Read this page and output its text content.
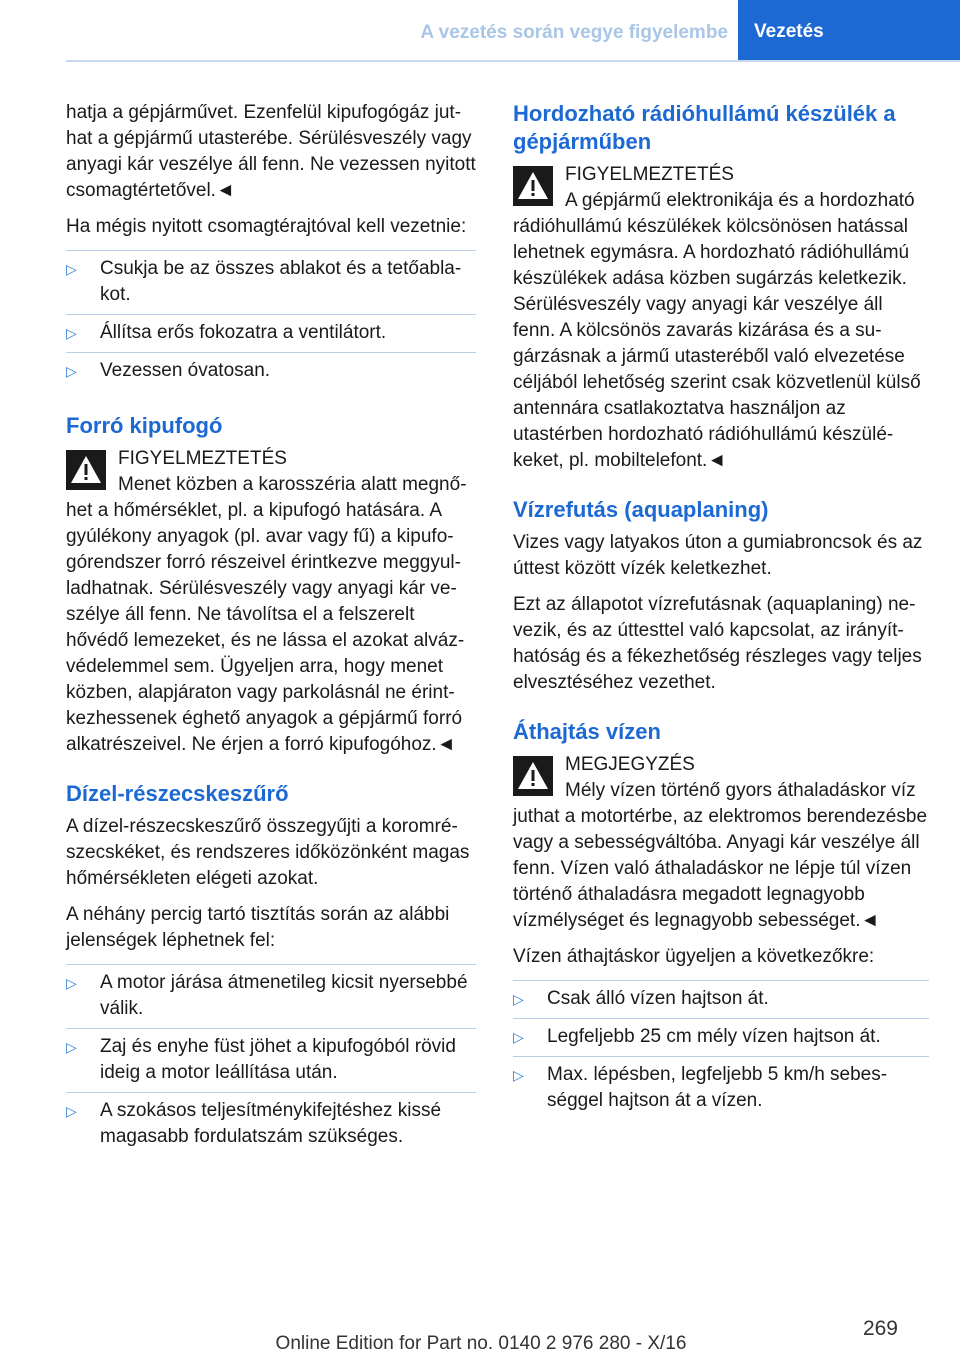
A vezetés során vegye figyelembe	Vezetés

hatja a gépjárművet. Ezenfelül kipufogógáz juthat a gépjármű utasterébe. Sérülésveszély vagy anyagi kár veszélye áll fenn. Ne vezessen nyitott csomagtértetővel.◄

Ha mégis nyitott csomagtérajtóval kell vezetnie:

▷ Csukja be az összes ablakot és a tetőablakot.
▷ Állítsa erős fokozatra a ventilátort.
▷ Vezessen óvatosan.
Forró kipufogó
FIGYELMEZTETÉS
Menet közben a karosszéria alatt megnőhet a hőmérséklet, pl. a kipufogó hatására. A gyúlékony anyagok (pl. avar vagy fű) a kipufogórendszer forró részeivel érintkezve meggyulladhatnak. Sérülésveszély vagy anyagi kár veszélye áll fenn. Ne távolítsa el a felszerelt hővédő lemezeket, és ne lássa el azokat alvázvédelemmel sem. Ügyeljen arra, hogy menet közben, alapjáraton vagy parkolásnál ne érintkezhessenek éghető anyagok a gépjármű forró alkatrészeivel. Ne érjen a forró kipufogóhoz.◄
Dízel-részecskeszűrő

A dízel-részecskeszűrő összegyűjti a koromrészecskéket, és rendszeres időközönként magas hőmérsékleten elégeti azokat.

A néhány percig tartó tisztítás során az alábbi jelenségek léphetnek fel:

▷ A motor járása átmenetileg kicsit nyersebbé válik.
▷ Zaj és enyhe füst jöhet a kipufogóból rövid ideig a motor leállítása után.
▷ A szokásos teljesítménykifejtéshez kissé magasabb fordulatszám szükséges.
Hordozható rádióhullámú készülék a gépjárműben
FIGYELMEZTETÉS
A gépjármű elektronikája és a hordozható rádióhullámú készülékek kölcsönösen hatással lehetnek egymásra. A hordozható rádióhullámú készülékek adása közben sugárzás keletkezik. Sérülésveszély vagy anyagi kár veszélye áll fenn. A kölcsönös zavarás kizárása és a sugárzásnak a jármű utasteréből való elvezetése céljából lehetőség szerint csak közvetlenül külső antennára csatlakoztatva használjon az utastérben hordozható rádióhullámú készülékeket, pl. mobiltelefont.◄
Vízrefutás (aquaplaning)

Vizes vagy latyakos úton a gumiabroncsok és az úttest között vízék keletkezhet.

Ezt az állapotot vízrefutásnak (aquaplaning) nevezik, és az úttesttel való kapcsolat, az irányíthatóság és a fékezhetőség részleges vagy teljes elvesztéséhez vezethet.

Áthajtás vízen
MEGJEGYZÉS
Mély vízen történő gyors áthaladáskor víz juthat a motortérbe, az elektromos berendezésbe vagy a sebességváltóba. Anyagi kár veszélye áll fenn. Vízen való áthaladáskor ne lépje túl vízen történő áthaladásra megadott legnagyobb vízmélységet és legnagyobb sebességet.◄

Vízen áthajtáskor ügyeljen a következőkre:

▷ Csak álló vízen hajtson át.
▷ Legfeljebb 25 cm mély vízen hajtson át.
▷ Max. lépésben, legfeljebb 5 km/h sebességgel hajtson át a vízen.
269
Online Edition for Part no. 0140 2 976 280 - X/16
